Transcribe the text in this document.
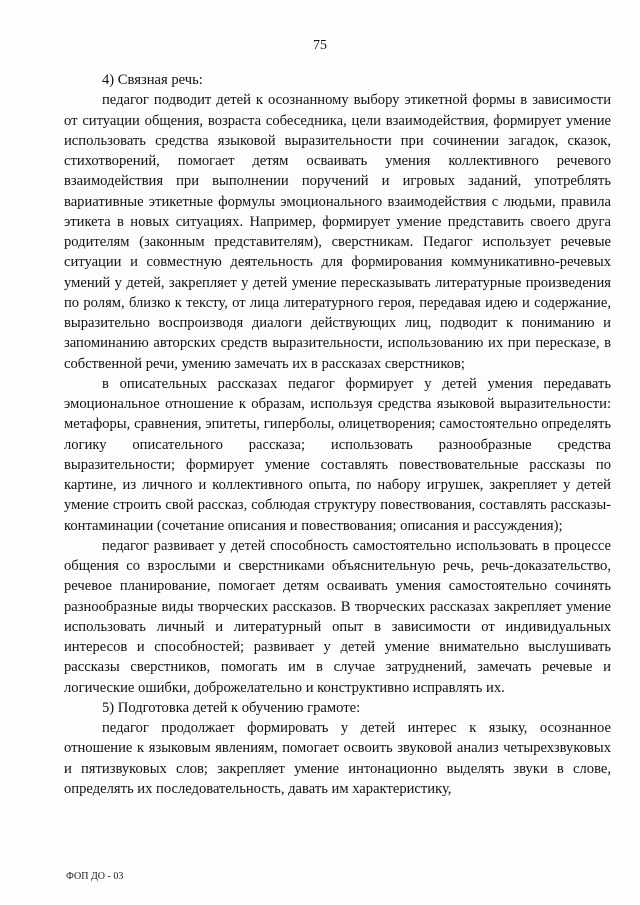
75

4) Связная речь:

педагог подводит детей к осознанному выбору этикетной формы в зависимости от ситуации общения, возраста собеседника, цели взаимодействия, формирует умение использовать средства языковой выразительности при сочинении загадок, сказок, стихотворений, помогает детям осваивать умения коллективного речевого взаимодействия при выполнении поручений и игровых заданий, употреблять вариативные этикетные формулы эмоционального взаимодействия с людьми, правила этикета в новых ситуациях. Например, формирует умение представить своего друга родителям (законным представителям), сверстникам. Педагог использует речевые ситуации и совместную деятельность для формирования коммуникативно-речевых умений у детей, закрепляет у детей умение пересказывать литературные произведения по ролям, близко к тексту, от лица литературного героя, передавая идею и содержание, выразительно воспроизводя диалоги действующих лиц, подводит к пониманию и запоминанию авторских средств выразительности, использованию их при пересказе, в собственной речи, умению замечать их в рассказах сверстников;

в описательных рассказах педагог формирует у детей умения передавать эмоциональное отношение к образам, используя средства языковой выразительности: метафоры, сравнения, эпитеты, гиперболы, олицетворения; самостоятельно определять логику описательного рассказа; использовать разнообразные средства выразительности; формирует умение составлять повествовательные рассказы по картине, из личного и коллективного опыта, по набору игрушек, закрепляет у детей умение строить свой рассказ, соблюдая структуру повествования, составлять рассказы-контаминации (сочетание описания и повествования; описания и рассуждения);

педагог развивает у детей способность самостоятельно использовать в процессе общения со взрослыми и сверстниками объяснительную речь, речь-доказательство, речевое планирование, помогает детям осваивать умения самостоятельно сочинять разнообразные виды творческих рассказов. В творческих рассказах закрепляет умение использовать личный и литературный опыт в зависимости от индивидуальных интересов и способностей; развивает у детей умение внимательно выслушивать рассказы сверстников, помогать им в случае затруднений, замечать речевые и логические ошибки, доброжелательно и конструктивно исправлять их.

5) Подготовка детей к обучению грамоте:

педагог продолжает формировать у детей интерес к языку, осознанное отношение к языковым явлениям, помогает освоить звуковой анализ четырехзвуковых и пятизвуковых слов; закрепляет умение интонационно выделять звуки в слове, определять их последовательность, давать им характеристику,

ФОП ДО - 03
